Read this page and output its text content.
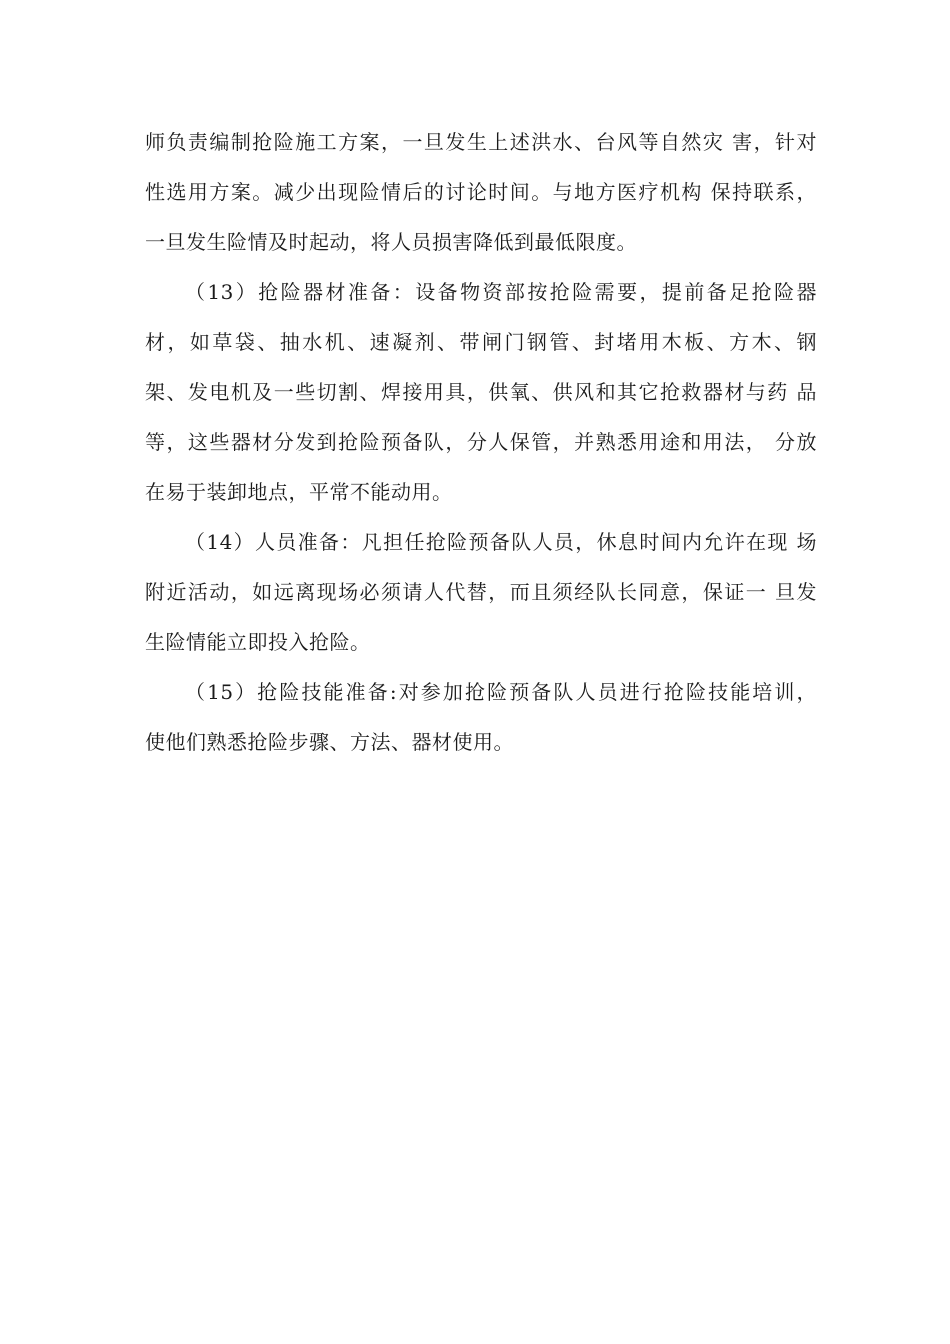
师负责编制抢险施工方案，一旦发生上述洪水、台风等自然灾 害，针对
性选用方案。减少出现险情后的讨论时间。与地方医疗机构 保持联系，
一旦发生险情及时起动，将人员损害降低到最低限度。
（13）抢险器材准备：设备物资部按抢险需要，提前备足抢险器
材，如草袋、抽水机、速凝剂、带闸门钢管、封堵用木板、方木、钢
架、发电机及一些切割、焊接用具，供氧、供风和其它抢救器材与药 品
等，这些器材分发到抢险预备队，分人保管，并熟悉用途和用法， 分放
在易于装卸地点，平常不能动用。
（14）人员准备：凡担任抢险预备队人员，休息时间内允许在现 场
附近活动，如远离现场必须请人代替，而且须经队长同意，保证一 旦发
生险情能立即投入抢险。
（15）抢险技能准备:对参加抢险预备队人员进行抢险技能培训，
使他们熟悉抢险步骤、方法、器材使用。
